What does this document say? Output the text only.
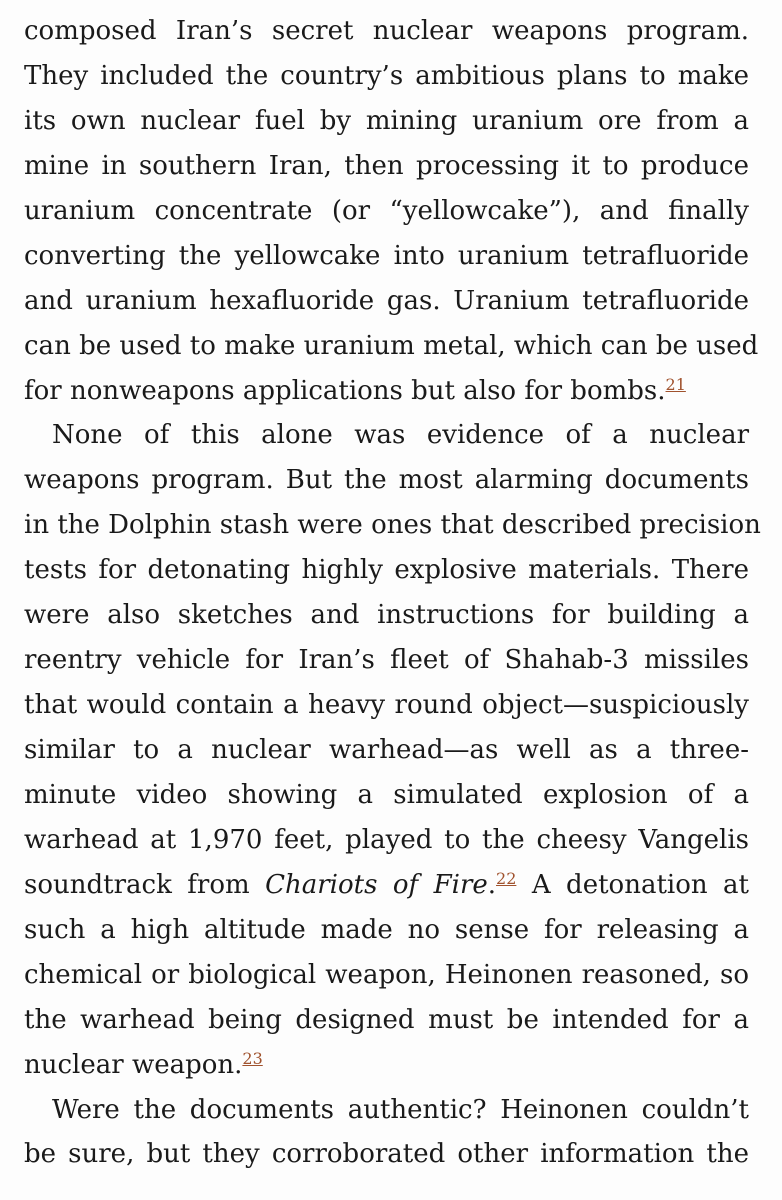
composed Iran’s secret nuclear weapons program.
They included the country’s ambitious plans to make
its own nuclear fuel by mining uranium ore from a
mine in southern Iran, then processing it to produce
uranium concentrate (or “yellowcake”), and finally
converting the yellowcake into uranium tetrafluoride
and uranium hexafluoride gas. Uranium tetrafluoride
can be used to make uranium metal, which can be used
for nonweapons applications but also for bombs.$^{21}$
None of this alone was evidence of a nuclear
weapons program. But the most alarming documents
in the Dolphin stash were ones that described precision
tests for detonating highly explosive materials. There
were also sketches and instructions for building a
reentry vehicle for Iran’s fleet of Shahab-3 missiles
that would contain a heavy round object—suspiciously
similar to a nuclear warhead—as well as a three-
minute video showing a simulated explosion of a
warhead at 1,970 feet, played to the cheesy Vangelis
soundtrack from Chariots of Fire.$^{22}$ A detonation at
such a high altitude made no sense for releasing a
chemical or biological weapon, Heinonen reasoned, so
the warhead being designed must be intended for a
nuclear weapon.$^{23}$
Were the documents authentic? Heinonen couldn’t
be sure, but they corroborated other information the
